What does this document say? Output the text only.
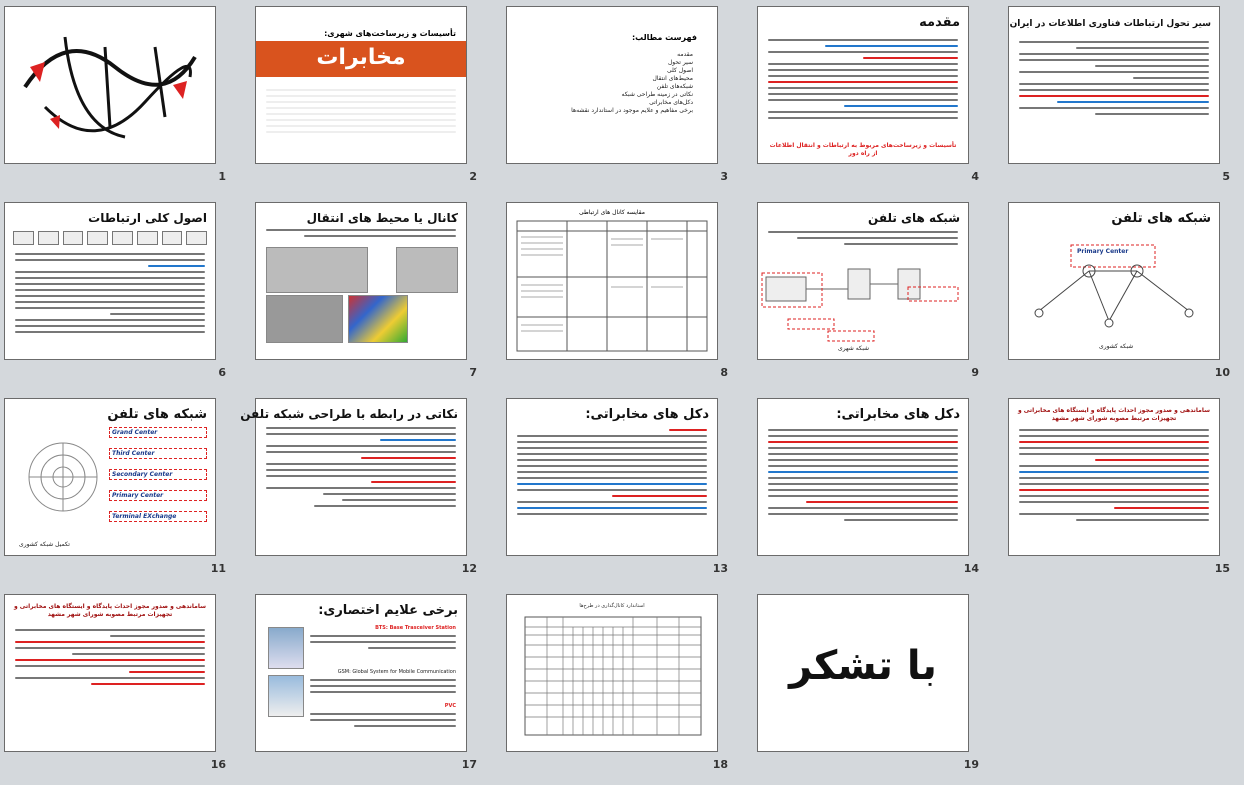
1
تأسیسات و زیرساخت‌های شهری:
مخابرات
2
فهرست مطالب:
مقدمه
سیر تحول
اصول کلی
محیط‌های انتقال
شبکه‌های تلفن
نکاتی در زمینه طراحی شبکه
دکل‌های مخابراتی
برخی مفاهیم و علایم موجود در استاندارد نقشه‌ها
3
مقدمه
تأسیسات و زیرساخت‌های مربوط به ارتباطات و انتقال اطلاعات از راه دور
4
سیر تحول ارتباطات فناوری اطلاعات در ایران
5
اصول کلی ارتباطات
6
کانال یا محیط های انتقال
7
مقایسه کانال های ارتباطی
8
شبکه های تلفن
شبکه شهری
9
شبکه های تلفن
Primary Center
شبکه کشوری
10
شبکه های تلفن
Grand Center
Third Center
Secondary Center
Primary Center
Terminal EXchange
تکمیل شبکه کشوری
11
نکاتی در رابطه با طراحی شبکه تلفن
12
دکل های مخابراتی:
13
دکل های مخابراتی:
14
ساماندهی و صدور مجوز احداث پایدگاه و ایستگاه های مخابراتی و تجهیزات مرتبط مصوبه شورای شهر مشهد
15
ساماندهی و صدور مجوز احداث پایدگاه و ایستگاه های مخابراتی و تجهیزات مرتبط مصوبه شورای شهر مشهد
16
برخی علایم اختصاری:
BTS: Base Trasceiver Station
GSM: Global System for Mobile Communication
PVC
17
استاندارد کانال‌گذاری در طرح‌ها
18
با تشکر
19
